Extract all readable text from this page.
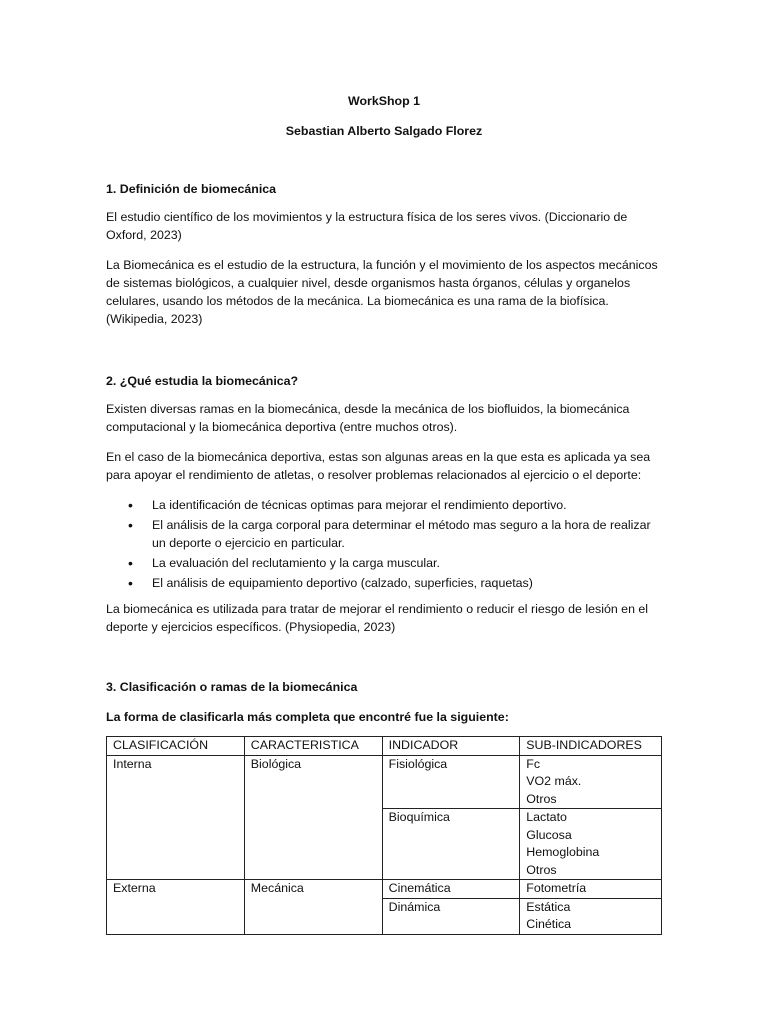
WorkShop 1
Sebastian Alberto Salgado Florez
1. Definición de biomecánica

El estudio científico de los movimientos y la estructura física de los seres vivos. (Diccionario de Oxford, 2023)

La Biomecánica es el estudio de la estructura, la función y el movimiento de los aspectos mecánicos de sistemas biológicos, a cualquier nivel, desde organismos hasta órganos, células y organelos celulares, usando los métodos de la mecánica. La biomecánica es una rama de la biofísica. (Wikipedia, 2023)

2. ¿Qué estudia la biomecánica?

Existen diversas ramas en la biomecánica, desde la mecánica de los biofluidos, la biomecánica computacional y la biomecánica deportiva (entre muchos otros).

En el caso de la biomecánica deportiva, estas son algunas areas en la que esta es aplicada ya sea para apoyar el rendimiento de atletas, o resolver problemas relacionados al ejercicio o el deporte:

• La identificación de técnicas optimas para mejorar el rendimiento deportivo.
• El análisis de la carga corporal para determinar el método mas seguro a la hora de realizar un deporte o ejercicio en particular.
• La evaluación del reclutamiento y la carga muscular.
• El análisis de equipamiento deportivo (calzado, superficies, raquetas)

La biomecánica es utilizada para tratar de mejorar el rendimiento o reducir el riesgo de lesión en el deporte y ejercicios específicos. (Physiopedia, 2023)

3. Clasificación o ramas de la biomecánica

La forma de clasificarla más completa que encontré fue la siguiente:

CLASIFICACIÓN	CARACTERISTICA	INDICADOR	SUB-INDICADORES
Interna	Biológica	Fisiológica	Fc
VO2 máx.
Otros

		Bioquímica	Lactato
Glucosa
Hemoglobina
Otros

Externa	Mecánica	Cinemática	Fotometría

		Dinámica	Estática
Cinética
